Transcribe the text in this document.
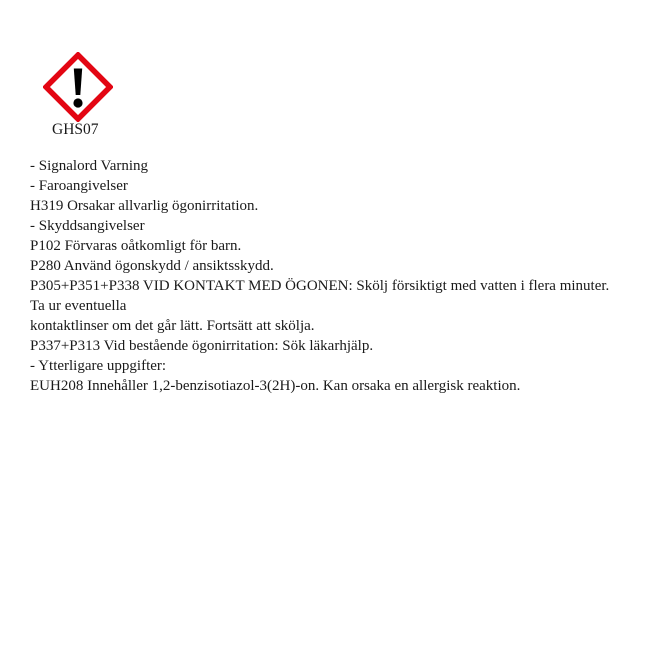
GHS07
- Signalord Varning
- Faroangivelser
H319 Orsakar allvarlig ögonirritation.
- Skyddsangivelser
P102 Förvaras oåtkomligt för barn.
P280 Använd ögonskydd / ansiktsskydd.
P305+P351+P338 VID KONTAKT MED ÖGONEN: Skölj försiktigt med vatten i flera minuter. Ta ur eventuella
kontaktlinser om det går lätt. Fortsätt att skölja.
P337+P313 Vid bestående ögonirritation: Sök läkarhjälp.
- Ytterligare uppgifter:
EUH208 Innehåller 1,2-benzisotiazol-3(2H)-on. Kan orsaka en allergisk reaktion.
